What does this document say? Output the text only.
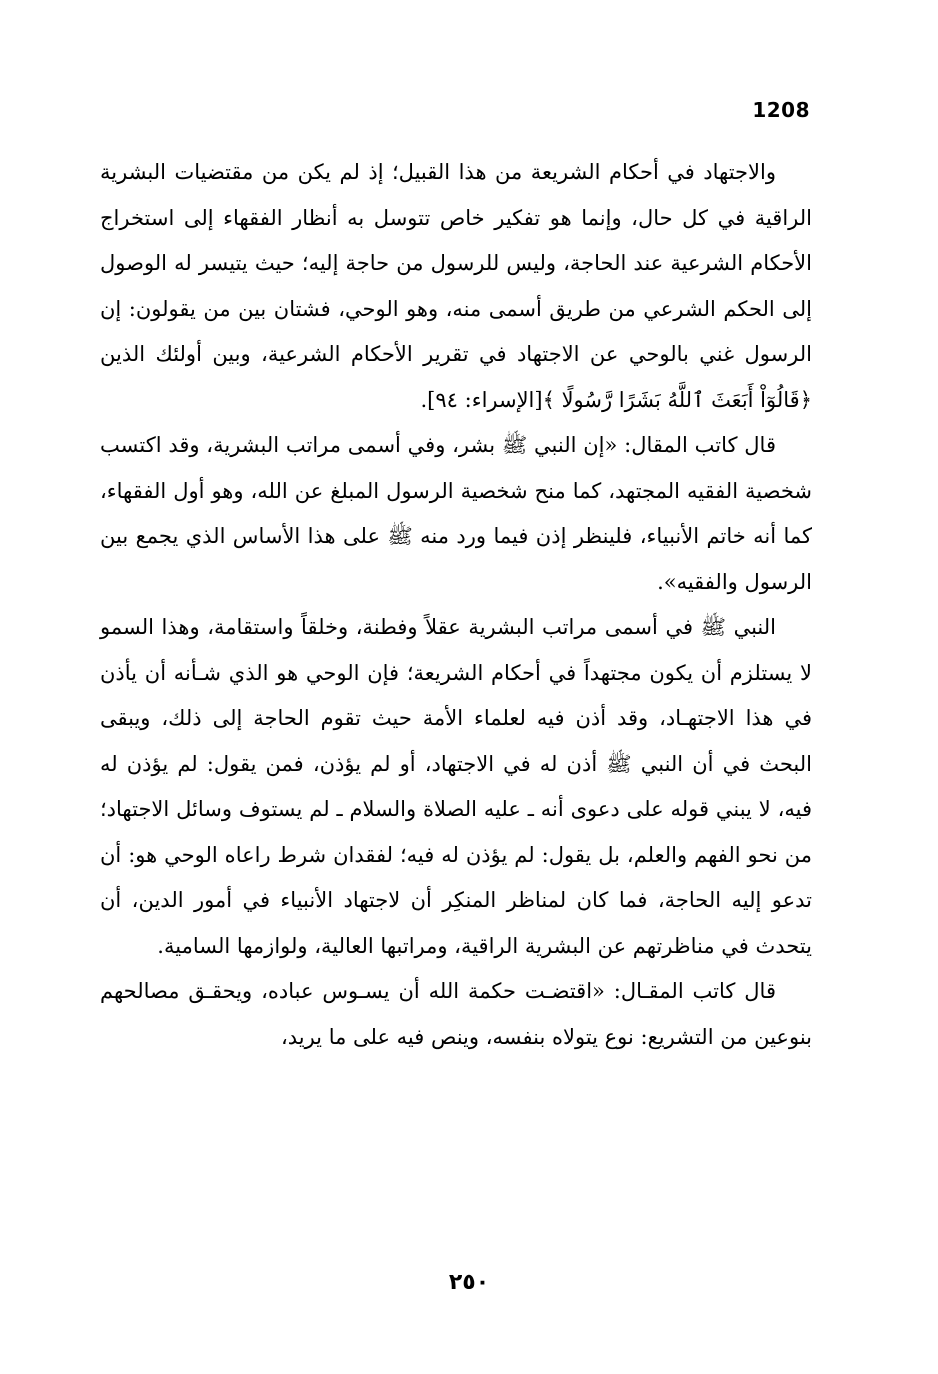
1208

والاجتهاد في أحكام الشريعة من هذا القبيل؛ إذ لم يكن من مقتضيات البشرية الراقية في كل حال، وإنما هو تفكير خاص تتوسل به أنظار الفقهاء إلى استخراج الأحكام الشرعية عند الحاجة، وليس للرسول من حاجة إليه؛ حيث يتيسر له الوصول إلى الحكم الشرعي من طريق أسمى منه، وهو الوحي، فشتان بين من يقولون: إن الرسول غني بالوحي عن الاجتهاد في تقرير الأحكام الشرعية، وبين أولئك الذين ﴿قَالُوٓاْ أَبَعَثَ ٱللَّهُ بَشَرًا رَّسُولًا ﴾[الإسراء: ٩٤].

قال كاتب المقال: «إن النبي ﷺ بشر، وفي أسمى مراتب البشرية، وقد اكتسب شخصية الفقيه المجتهد، كما منح شخصية الرسول المبلغ عن الله، وهو أول الفقهاء، كما أنه خاتم الأنبياء، فلينظر إذن فيما ورد منه ﷺ على هذا الأساس الذي يجمع بين الرسول والفقيه».

النبي ﷺ في أسمى مراتب البشرية عقلاً وفطنة، وخلقاً واستقامة، وهذا السمو لا يستلزم أن يكون مجتهداً في أحكام الشريعة؛ فإن الوحي هو الذي شـأنه أن يأذن في هذا الاجتهـاد، وقد أذن فيه لعلماء الأمة حيث تقوم الحاجة إلى ذلك، ويبقى البحث في أن النبي ﷺ أذن له في الاجتهاد، أو لم يؤذن، فمن يقول: لم يؤذن له فيه، لا يبني قوله على دعوى أنه ـ عليه الصلاة والسلام ـ لم يستوف وسائل الاجتهاد؛ من نحو الفهم والعلم، بل يقول: لم يؤذن له فيه؛ لفقدان شرط راعاه الوحي هو: أن تدعو إليه الحاجة، فما كان لمناظر المنكِر أن لاجتهاد الأنبياء في أمور الدين، أن يتحدث في مناظرتهم عن البشرية الراقية، ومراتبها العالية، ولوازمها السامية.

قال كاتب المقـال: «اقتضـت حكمة الله أن يسـوس عباده، ويحقـق مصالحهم بنوعين من التشريع: نوع يتولاه بنفسه، وينص فيه على ما يريد،

٢٥٠
